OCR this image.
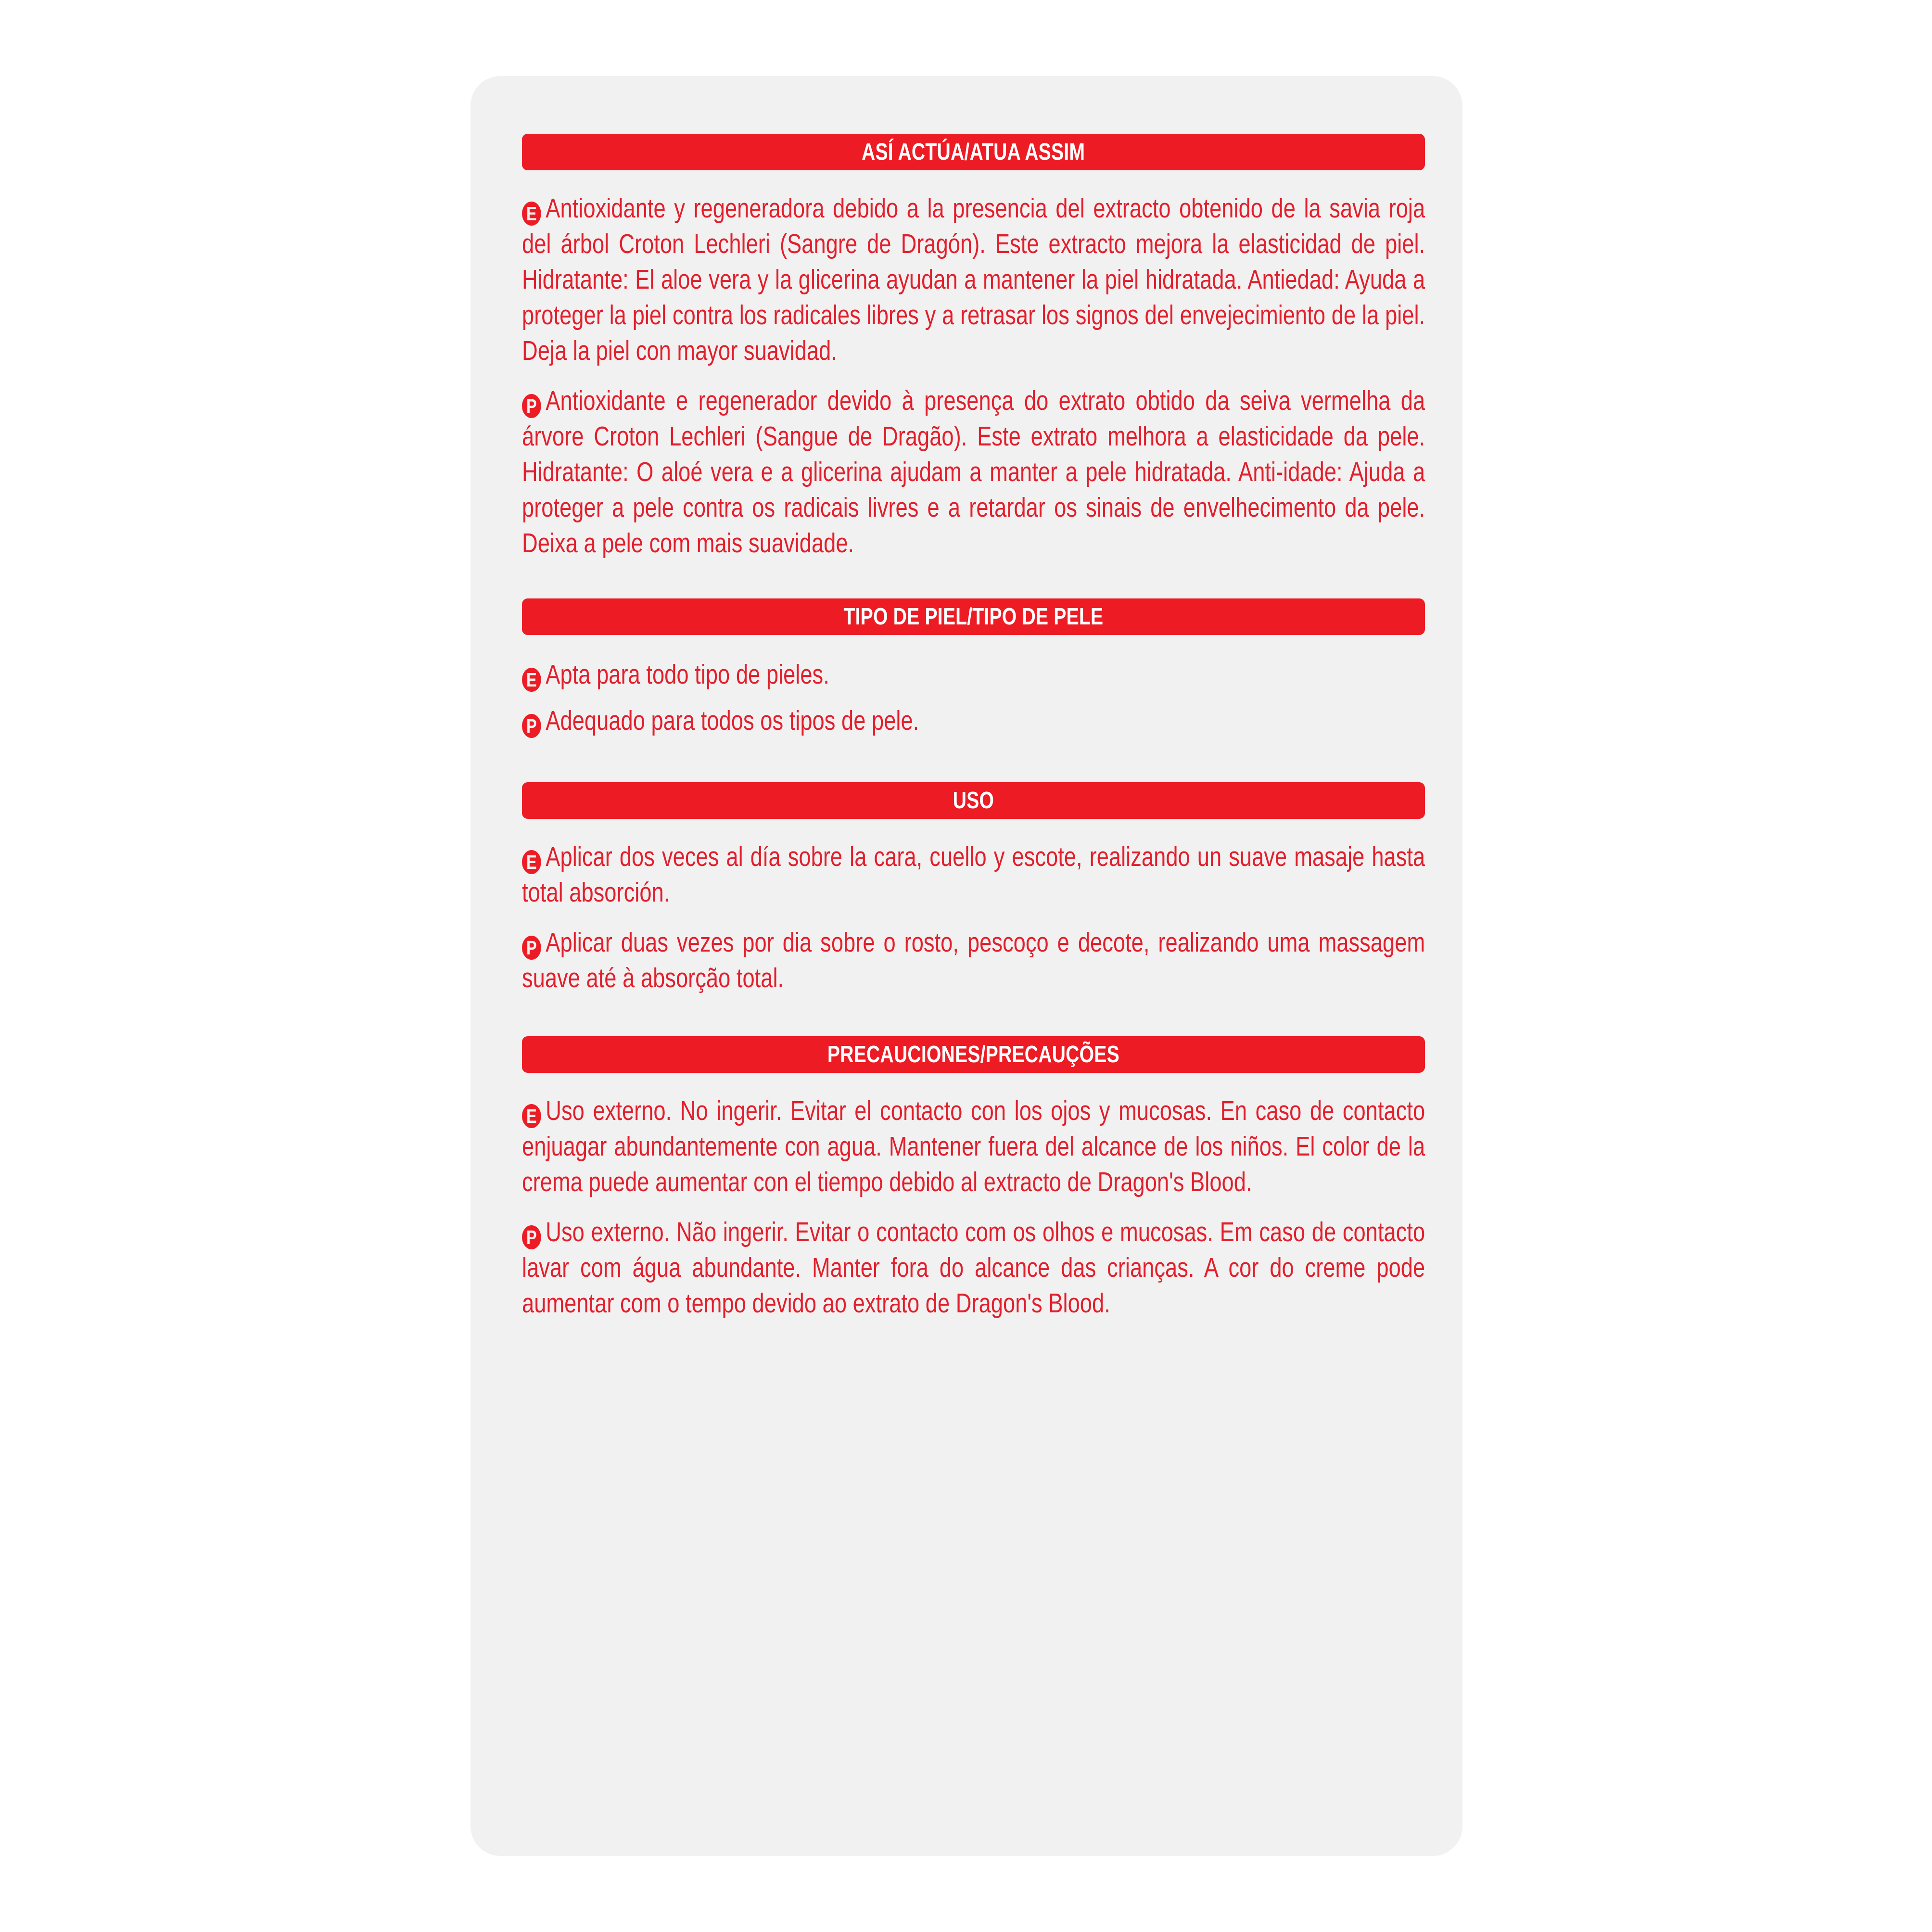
ASÍ ACTÚA/ATUA ASSIM
E Antioxidante y regeneradora debido a la presencia del extracto obtenido de la savia roja del árbol Croton Lechleri (Sangre de Dragón). Este extracto mejora la elasticidad de piel. Hidratante: El aloe vera y la glicerina ayudan a mantener la piel hidratada. Antiedad: Ayuda a proteger la piel contra los radicales libres y a retrasar los signos del envejecimiento de la piel. Deja la piel con mayor suavidad.
P Antioxidante e regenerador devido à presença do extrato obtido da seiva vermelha da árvore Croton Lechleri (Sangue de Dragão). Este extrato melhora a elasticidade da pele. Hidratante: O aloé vera e a glicerina ajudam a manter a pele hidratada. Anti-idade: Ajuda a proteger a pele contra os radicais livres e a retardar os sinais de envelhecimento da pele. Deixa a pele com mais suavidade.
TIPO DE PIEL/TIPO DE PELE
E Apta para todo tipo de pieles.
P Adequado para todos os tipos de pele.
USO
E Aplicar dos veces al día sobre la cara, cuello y escote, realizando un suave masaje hasta total absorción.
P Aplicar duas vezes por dia sobre o rosto, pescoço e decote, realizando uma massagem suave até à absorção total.
PRECAUCIONES/PRECAUÇÕES
E Uso externo. No ingerir. Evitar el contacto con los ojos y mucosas. En caso de contacto enjuagar abundantemente con agua. Mantener fuera del alcance de los niños. El color de la crema puede aumentar con el tiempo debido al extracto de Dragon's Blood.
P Uso externo. Não ingerir. Evitar o contacto com os olhos e mucosas. Em caso de contacto lavar com água abundante. Manter fora do alcance das crianças. A cor do creme pode aumentar com o tempo devido ao extrato de Dragon's Blood.
